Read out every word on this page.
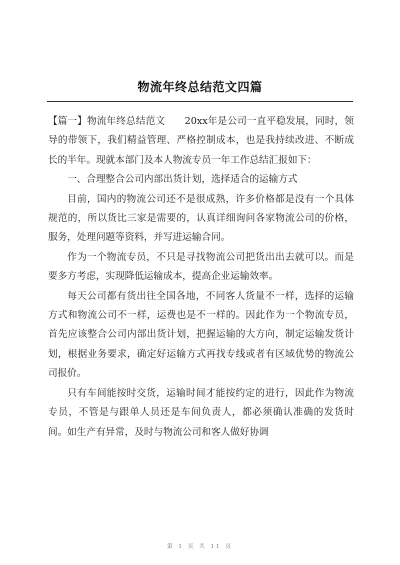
物流年终总结范文四篇

【篇一】物流年终总结范文　　20xx年是公司一直平稳发展，同时，领导的带领下，我们精益管理、严格控制成本，也是我持续改进、不断成长的半年。现就本部门及本人物流专员一年工作总结汇报如下：

一、合理整合公司内部出货计划，选择适合的运输方式

目前，国内的物流公司还不是很成熟，许多价格都是没有一个具体规范的，所以货比三家是需要的，认真详细询问各家物流公司的价格，服务，处理问题等资料，并写进运输合同。

作为一个物流专员，不只是寻找物流公司把货出出去就可以。而是要多方考虑，实现降低运输成本，提高企业运输效率。

每天公司都有货出往全国各地，不同客人货量不一样，选择的运输方式和物流公司不一样，运费也是不一样的。因此作为一个物流专员，首先应该整合公司内部出货计划，把握运输的大方向，制定运输发货计划，根据业务要求，确定好运输方式再找专线或者有区域优势的物流公司报价。

只有车间能按时交货，运输时间才能按约定的进行，因此作为物流专员，不管是与跟单人员还是车间负责人，都必须确认准确的发货时间。如生产有异常，及时与物流公司和客人做好协调

第 1 页 共 11 页
